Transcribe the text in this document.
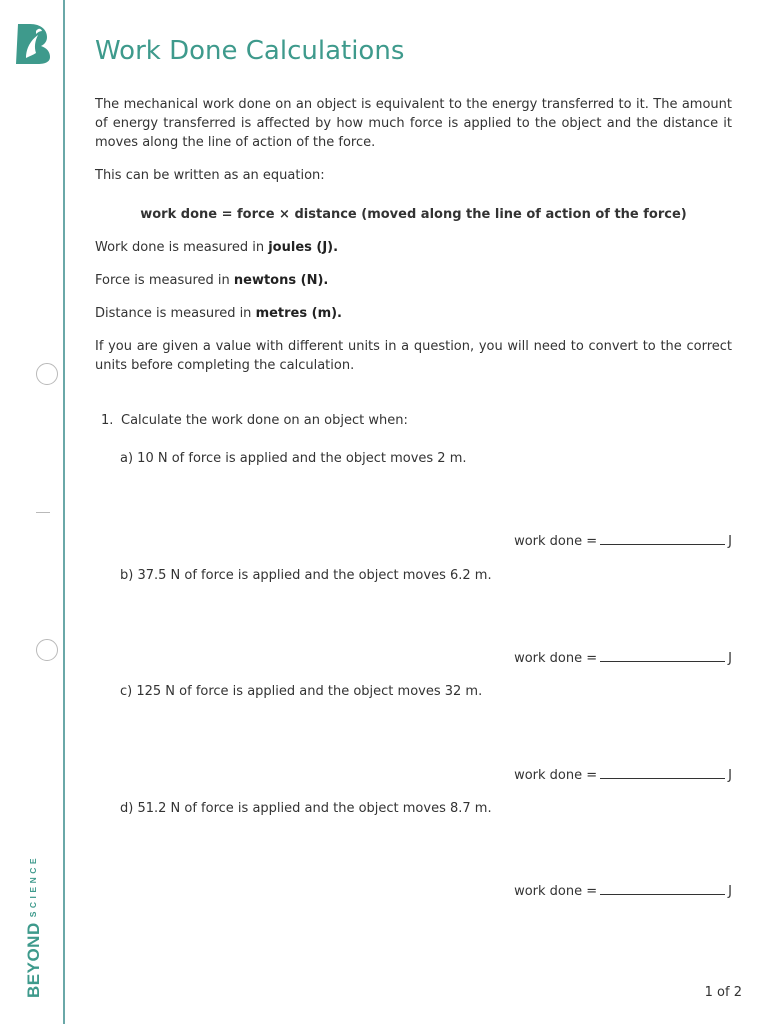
$BEYOND^{SCIENCE}$
Work Done Calculations

The mechanical work done on an object is equivalent to the energy transferred to it. The amount of energy transferred is affected by how much force is applied to the object and the distance it moves along the line of action of the force.

This can be written as an equation:

work done = force × distance (moved along the line of action of the force)

Work done is measured in joules (J).

Force is measured in newtons (N).

Distance is measured in metres (m).

If you are given a value with different units in a question, you will need to convert to the correct units before completing the calculation.

1. Calculate the work done on an object when:
a) 10 N of force is applied and the object moves 2 m.
work done =	J
b) 37.5 N of force is applied and the object moves 6.2 m.
work done =	J
c) 125 N of force is applied and the object moves 32 m.
work done =	J
d) 51.2 N of force is applied and the object moves 8.7 m.
work done =	J
1 of 2
